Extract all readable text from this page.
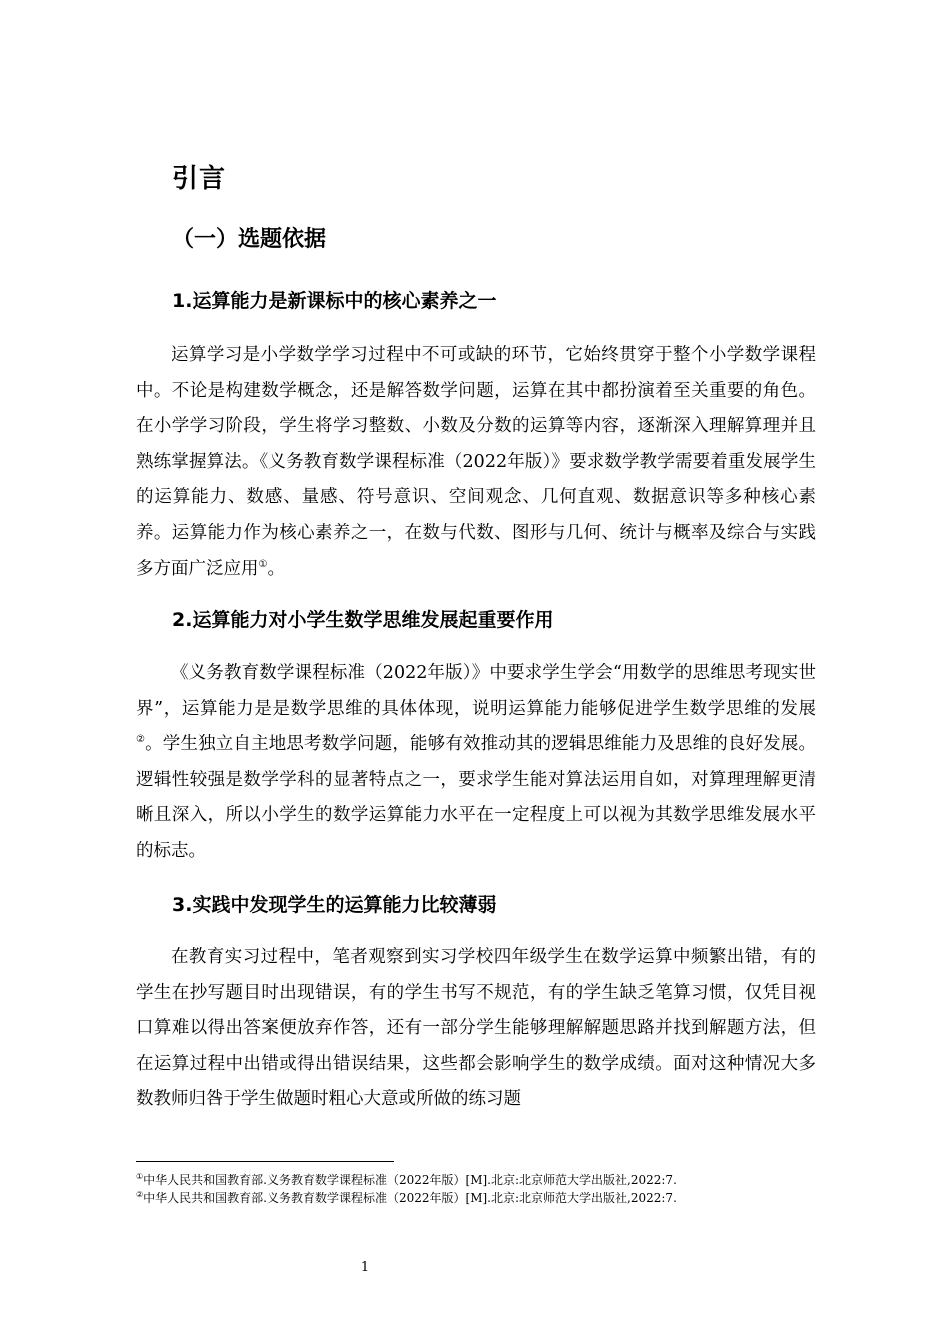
引言
（一）选题依据
1.运算能力是新课标中的核心素养之一

运算学习是小学数学学习过程中不可或缺的环节，它始终贯穿于整个小学数学课程中。不论是构建数学概念，还是解答数学问题，运算在其中都扮演着至关重要的角色。在小学学习阶段，学生将学习整数、小数及分数的运算等内容，逐渐深入理解算理并且熟练掌握算法。《义务教育数学课程标准（2022年版）》要求数学教学需要着重发展学生的运算能力、数感、量感、符号意识、空间观念、几何直观、数据意识等多种核心素养。运算能力作为核心素养之一，在数与代数、图形与几何、统计与概率及综合与实践多方面广泛应用①。

2.运算能力对小学生数学思维发展起重要作用

《义务教育数学课程标准（2022年版）》中要求学生学会“用数学的思维思考现实世界”，运算能力是是数学思维的具体体现，说明运算能力能够促进学生数学思维的发展②。学生独立自主地思考数学问题，能够有效推动其的逻辑思维能力及思维的良好发展。逻辑性较强是数学学科的显著特点之一，要求学生能对算法运用自如，对算理理解更清晰且深入，所以小学生的数学运算能力水平在一定程度上可以视为其数学思维发展水平的标志。

3.实践中发现学生的运算能力比较薄弱

在教育实习过程中，笔者观察到实习学校四年级学生在数学运算中频繁出错，有的学生在抄写题目时出现错误，有的学生书写不规范，有的学生缺乏笔算习惯，仅凭目视口算难以得出答案便放弃作答，还有一部分学生能够理解解题思路并找到解题方法，但在运算过程中出错或得出错误结果，这些都会影响学生的数学成绩。面对这种情况大多数教师归咎于学生做题时粗心大意或所做的练习题

①中华人民共和国教育部.义务教育数学课程标准（2022年版）[M].北京:北京师范大学出版社,2022:7.
②中华人民共和国教育部.义务教育数学课程标准（2022年版）[M].北京:北京师范大学出版社,2022:7.
1
